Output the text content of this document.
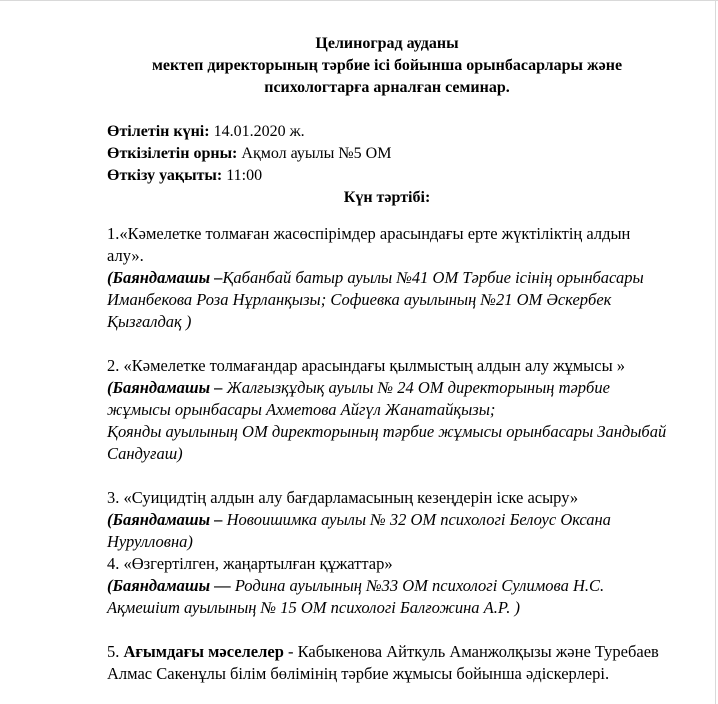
Целиноград ауданы
мектеп директорының тәрбие ісі бойынша орынбасарлары және
психологтарға арналған семинар.
Өтілетін күні: 14.01.2020 ж.
Өткізілетін орны: Ақмол ауылы №5 ОМ
Өткізу уақыты: 11:00
Күн тәртібі:
1.«Кәмелетке толмаған жасөспірімдер арасындағы ерте жүктіліктің алдын алу».
(Баяндамашы –Қабанбай батыр ауылы №41 ОМ Тәрбие ісінің орынбасары Иманбекова Роза Нұрланқызы; Софиевка ауылының №21 ОМ Әскербек Қызғалдақ )
2. «Кәмелетке толмағандар арасындағы қылмыстың алдын алу жұмысы »
(Баяндамашы – Жалғызқұдық ауылы № 24 ОМ директорының тәрбие жұмысы орынбасары Ахметова Айгүл Жанатайқызы;
Қоянды ауылының ОМ директорының тәрбие жұмысы орынбасары Зандыбай Сандуғаш)
3. «Суицидтің алдын алу бағдарламасының кезеңдерін іске асыру»
(Баяндамашы – Новоишимка ауылы № 32 ОМ психологі Белоус Оксана Нурулловна)
4. «Өзгертілген, жаңартылған құжаттар»
(Баяндамашы — Родина ауылының №33 ОМ психологі Сулимова Н.С. Ақмешіит ауылының № 15 ОМ психологі Балғожина А.Р. )
5. Ағымдағы мәселелер - Кабыкенова Айткуль Аманжолқызы және Туребаев Алмас Сакенұлы білім бөлімінің тәрбие жұмысы бойынша әдіскерлері.
